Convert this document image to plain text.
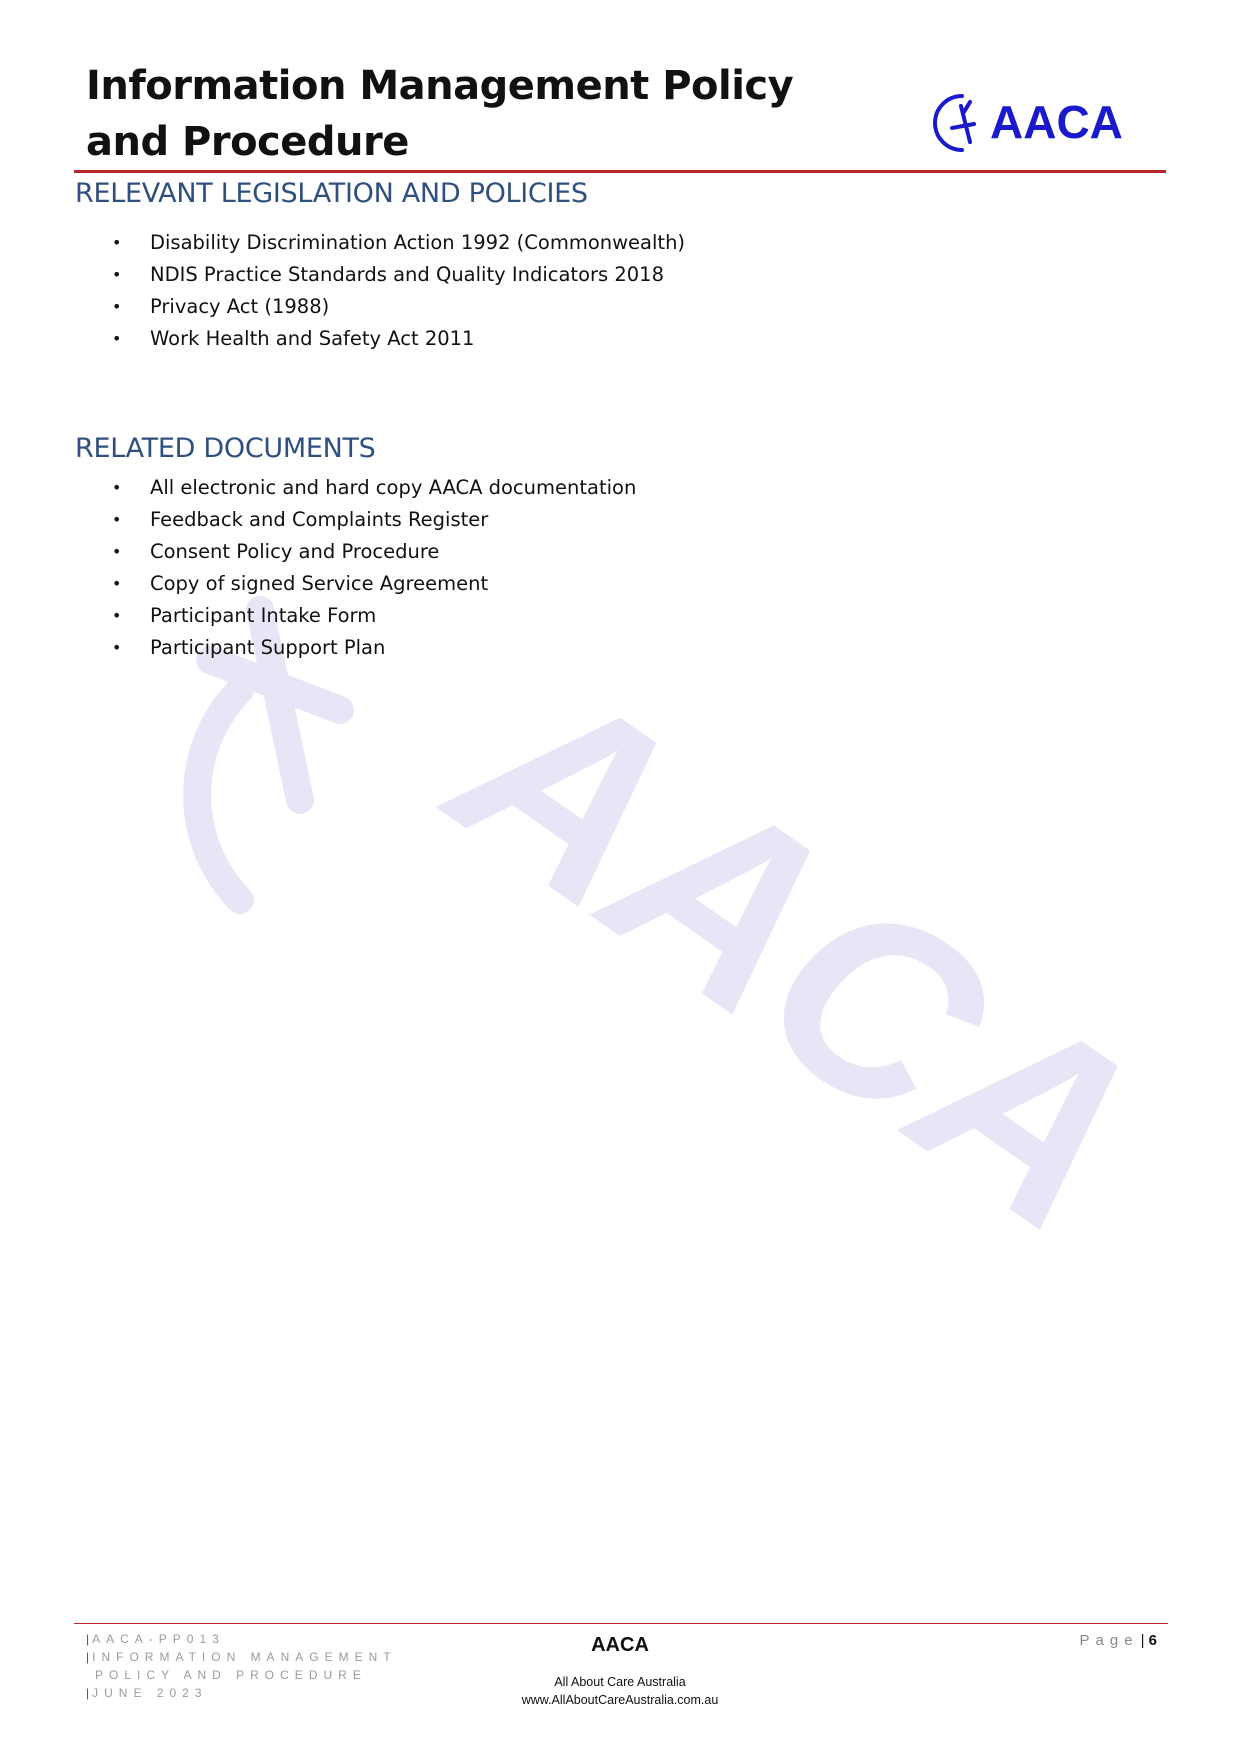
AACA
Information Management Policy and Procedure	AACA
RELEVANT LEGISLATION AND POLICIES
• Disability Discrimination Action 1992 (Commonwealth)
• NDIS Practice Standards and Quality Indicators 2018
• Privacy Act (1988)
• Work Health and Safety Act 2011
RELATED DOCUMENTS
• All electronic and hard copy AACA documentation
• Feedback and Complaints Register
• Consent Policy and Procedure
• Copy of signed Service Agreement
• Participant Intake Form
• Participant Support Plan
| AACA-PP013
| INFORMATION MANAGEMENT
POLICY AND PROCEDURE
| JUNE 2023
AACA
All About Care Australia
www.AllAboutCareAustralia.com.au
Page | 6
